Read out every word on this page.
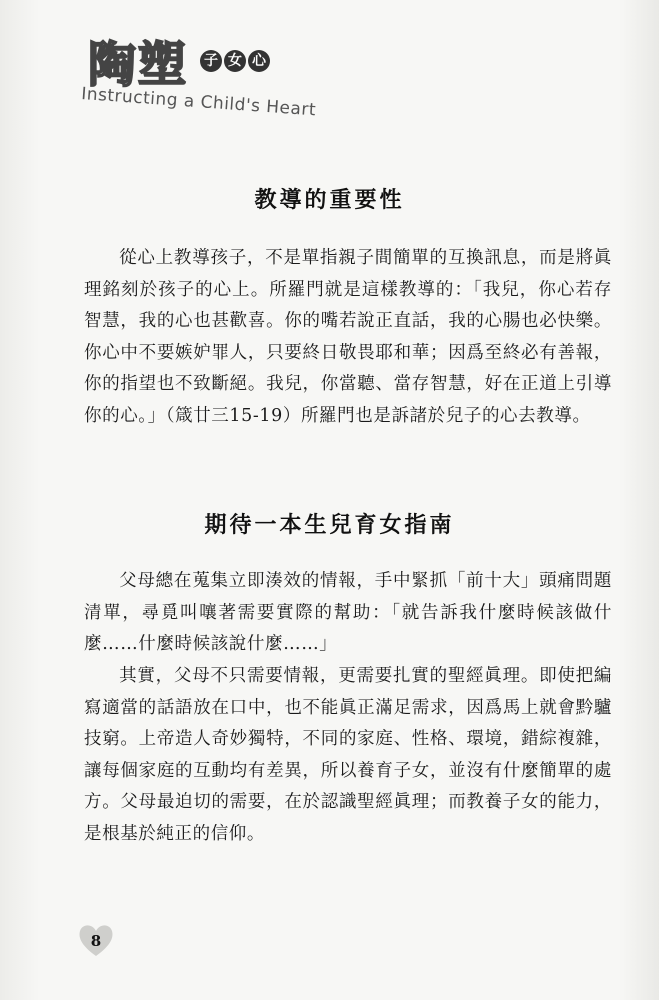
陶塑 子 女 心
Instructing a Child's Heart
教導的重要性
從心上教導孩子，不是單指親子間簡單的互換訊息，而是將眞理銘刻於孩子的心上。所羅門就是這樣教導的：「我兒，你心若存智慧，我的心也甚歡喜。你的嘴若說正直話，我的心腸也必快樂。你心中不要嫉妒罪人，只要終日敬畏耶和華；因爲至終必有善報，你的指望也不致斷絕。我兒，你當聽、當存智慧，好在正道上引導你的心。」（箴廿三15-19）所羅門也是訴諸於兒子的心去教導。
期待一本生兒育女指南
父母總在蒐集立即湊效的情報，手中緊抓「前十大」頭痛問題清單，尋覓叫嚷著需要實際的幫助：「就告訴我什麼時候該做什麼……什麼時候該說什麼……」
其實，父母不只需要情報，更需要扎實的聖經眞理。即使把編寫適當的話語放在口中，也不能眞正滿足需求，因爲馬上就會黔驢技窮。上帝造人奇妙獨特，不同的家庭、性格、環境，錯綜複雜，讓每個家庭的互動均有差異，所以養育子女，並沒有什麼簡單的處方。父母最迫切的需要，在於認識聖經眞理；而教養子女的能力，是根基於純正的信仰。
8
